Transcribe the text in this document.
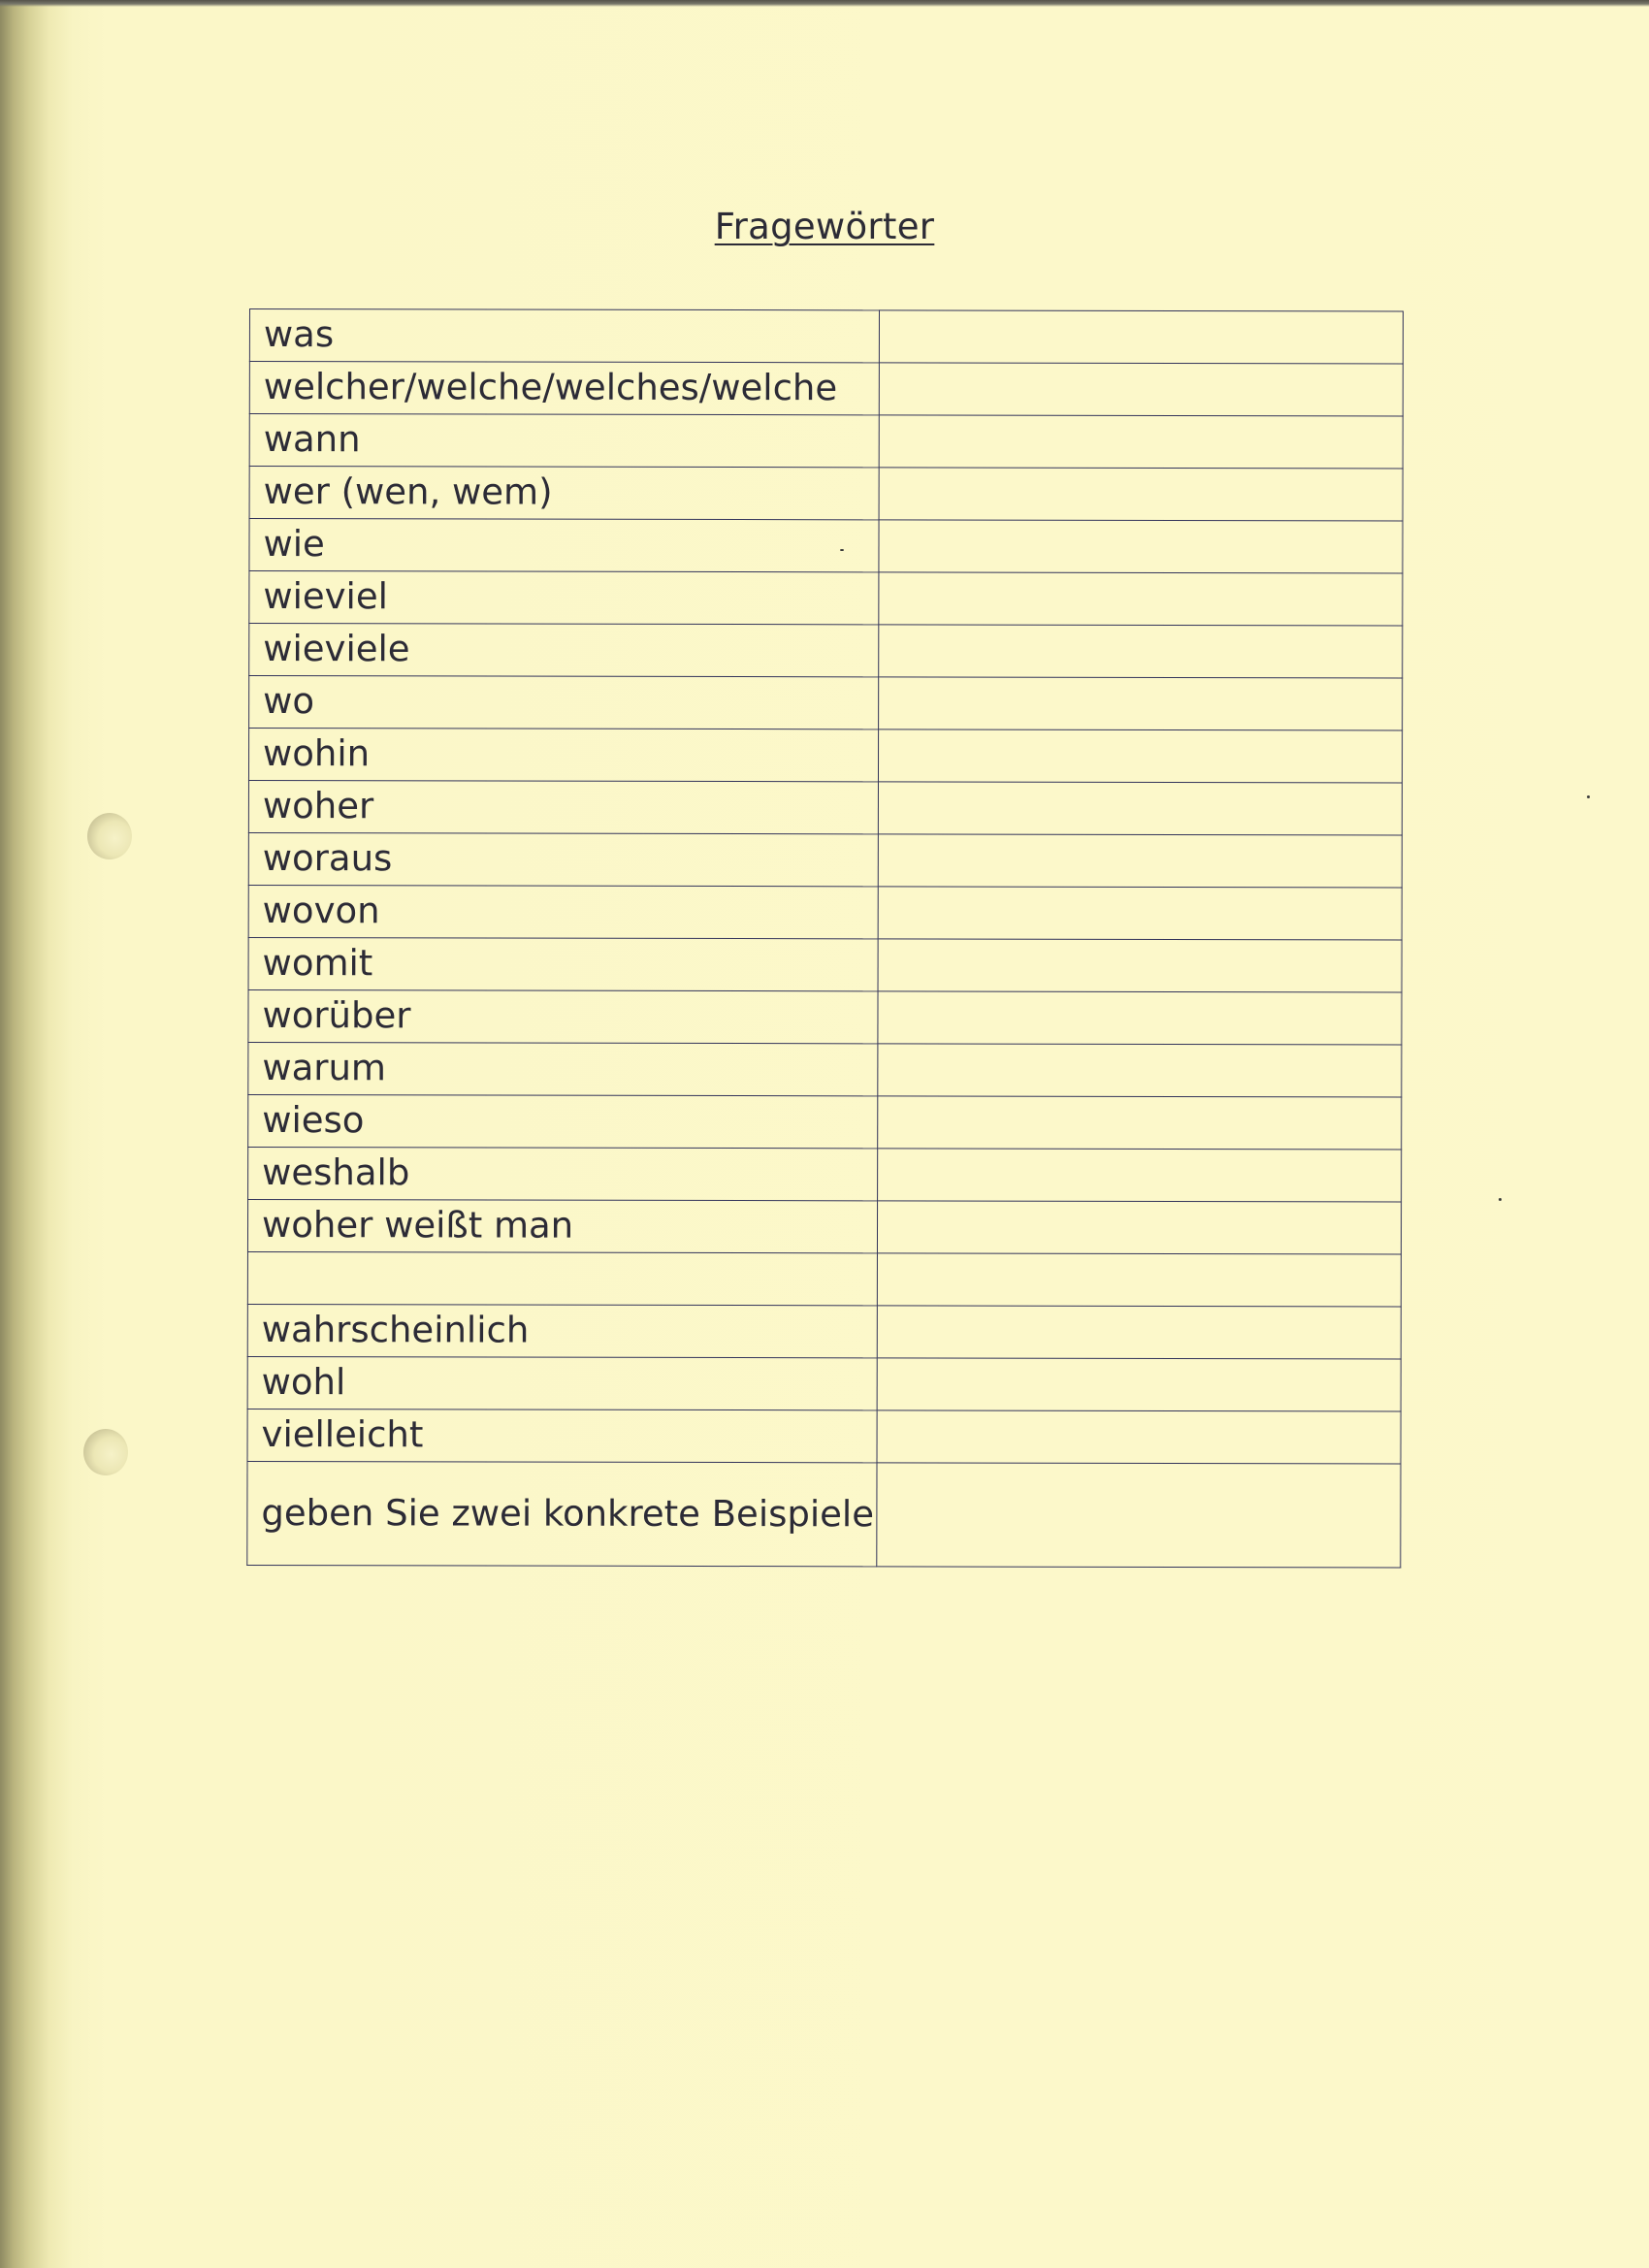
Fragewörter
was	
welcher/welche/welches/welche	
wann	
wer (wen, wem)	
wie	
wieviel	
wieviele	
wo	
wohin	
woher	
woraus	
wovon	
womit	
worüber	
warum	
wieso	
weshalb	
woher weißt man	

wahrscheinlich	
wohl	
vielleicht	
geben Sie zwei konkrete Beispiele	
